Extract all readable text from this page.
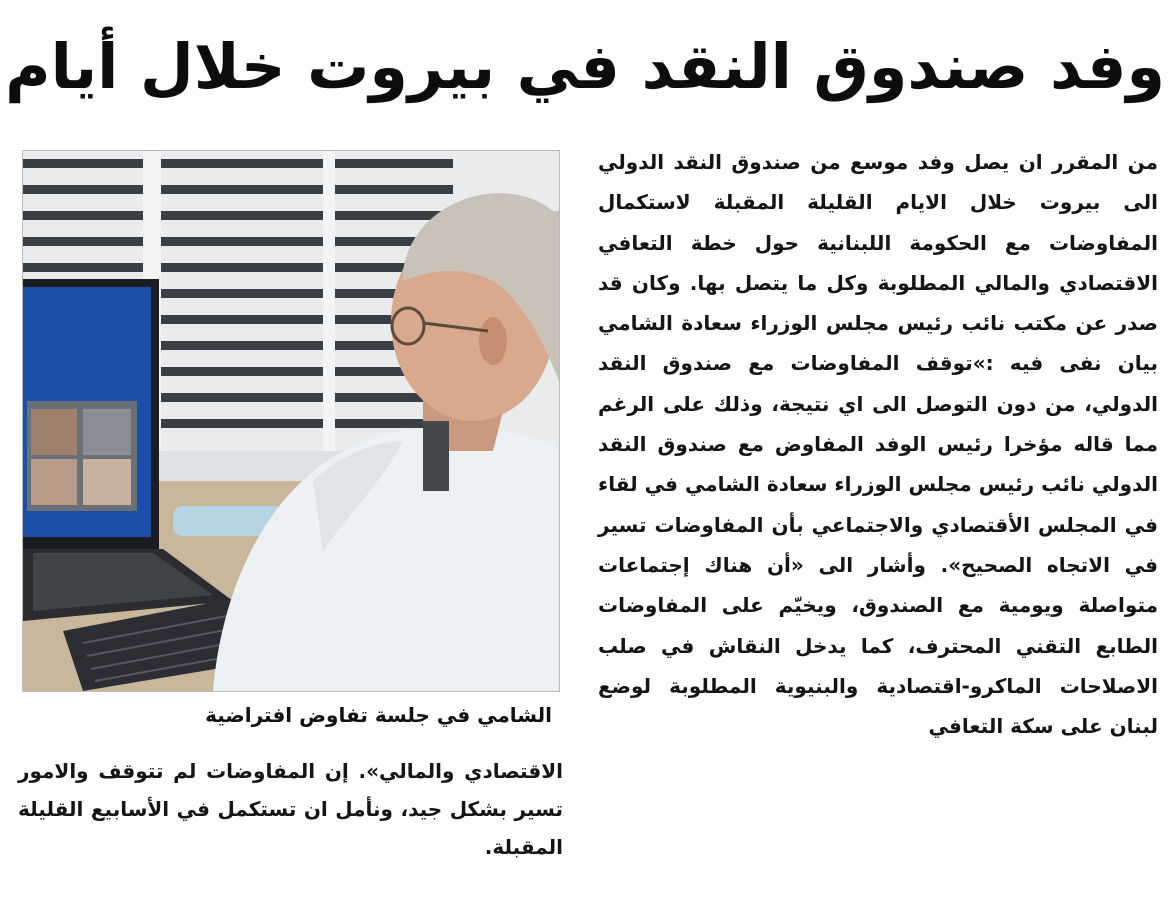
وفد صندوق النقد في بيروت خلال أيام

من المقرر ان يصل وفد موسع من صندوق النقد الدولي الى بيروت خلال الايام القليلة المقبلة لاستكمال المفاوضات مع الحكومة اللبنانية حول خطة التعافي الاقتصادي والمالي المطلوبة وكل ما يتصل بها. وكان قد صدر عن مكتب نائب رئيس مجلس الوزراء سعادة الشامي بيان نفى فيه :»توقف المفاوضات مع صندوق النقد الدولي، من دون التوصل الى اي نتيجة، وذلك على الرغم مما قاله مؤخرا رئيس الوفد المفاوض مع صندوق النقد الدولي نائب رئيس مجلس الوزراء سعادة الشامي في لقاء في المجلس الأقتصادي والاجتماعي بأن المفاوضات تسير في الاتجاه الصحيح». وأشار الى «أن هناك إجتماعات متواصلة ويومية مع الصندوق، ويخيّم على المفاوضات الطابع التقني المحترف، كما يدخل النقاش في صلب الاصلاحات الماكرو-اقتصادية والبنيوية المطلوبة لوضع لبنان على سكة التعافي

الشامي في جلسة تفاوض افتراضية

الاقتصادي والمالي». إن المفاوضات لم تتوقف والامور تسير بشكل جيد، ونأمل ان تستكمل في الأسابيع القليلة المقبلة.
